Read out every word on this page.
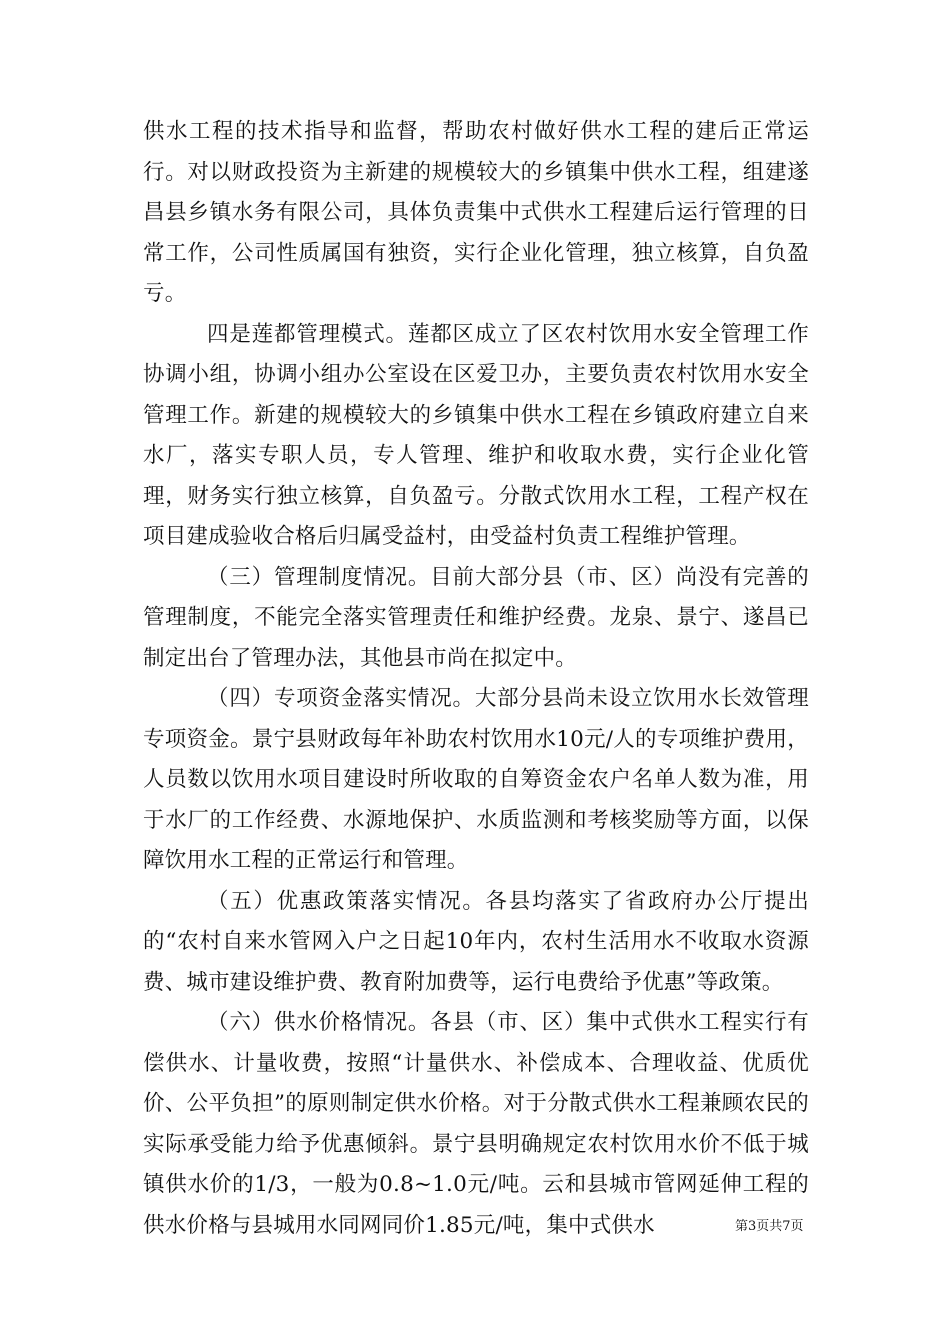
供水工程的技术指导和监督，帮助农村做好供水工程的建后正常运行。对以财政投资为主新建的规模较大的乡镇集中供水工程，组建遂昌县乡镇水务有限公司，具体负责集中式供水工程建后运行管理的日常工作，公司性质属国有独资，实行企业化管理，独立核算，自负盈亏。

四是莲都管理模式。莲都区成立了区农村饮用水安全管理工作协调小组，协调小组办公室设在区爱卫办，主要负责农村饮用水安全管理工作。新建的规模较大的乡镇集中供水工程在乡镇政府建立自来水厂，落实专职人员，专人管理、维护和收取水费，实行企业化管理，财务实行独立核算，自负盈亏。分散式饮用水工程，工程产权在项目建成验收合格后归属受益村，由受益村负责工程维护管理。

（三）管理制度情况。目前大部分县（市、区）尚没有完善的管理制度，不能完全落实管理责任和维护经费。龙泉、景宁、遂昌已制定出台了管理办法，其他县市尚在拟定中。

（四）专项资金落实情况。大部分县尚未设立饮用水长效管理专项资金。景宁县财政每年补助农村饮用水10元/人的专项维护费用，人员数以饮用水项目建设时所收取的自筹资金农户名单人数为准，用于水厂的工作经费、水源地保护、水质监测和考核奖励等方面，以保障饮用水工程的正常运行和管理。

（五）优惠政策落实情况。各县均落实了省政府办公厅提出的“农村自来水管网入户之日起10年内，农村生活用水不收取水资源费、城市建设维护费、教育附加费等，运行电费给予优惠”等政策。

（六）供水价格情况。各县（市、区）集中式供水工程实行有偿供水、计量收费，按照“计量供水、补偿成本、合理收益、优质优价、公平负担”的原则制定供水价格。对于分散式供水工程兼顾农民的实际承受能力给予优惠倾斜。景宁县明确规定农村饮用水价不低于城镇供水价的1/3，一般为0.8~1.0元/吨。云和县城市管网延伸工程的供水价格与县城用水同网同价1.85元/吨，集中式供水	第3页共7页
